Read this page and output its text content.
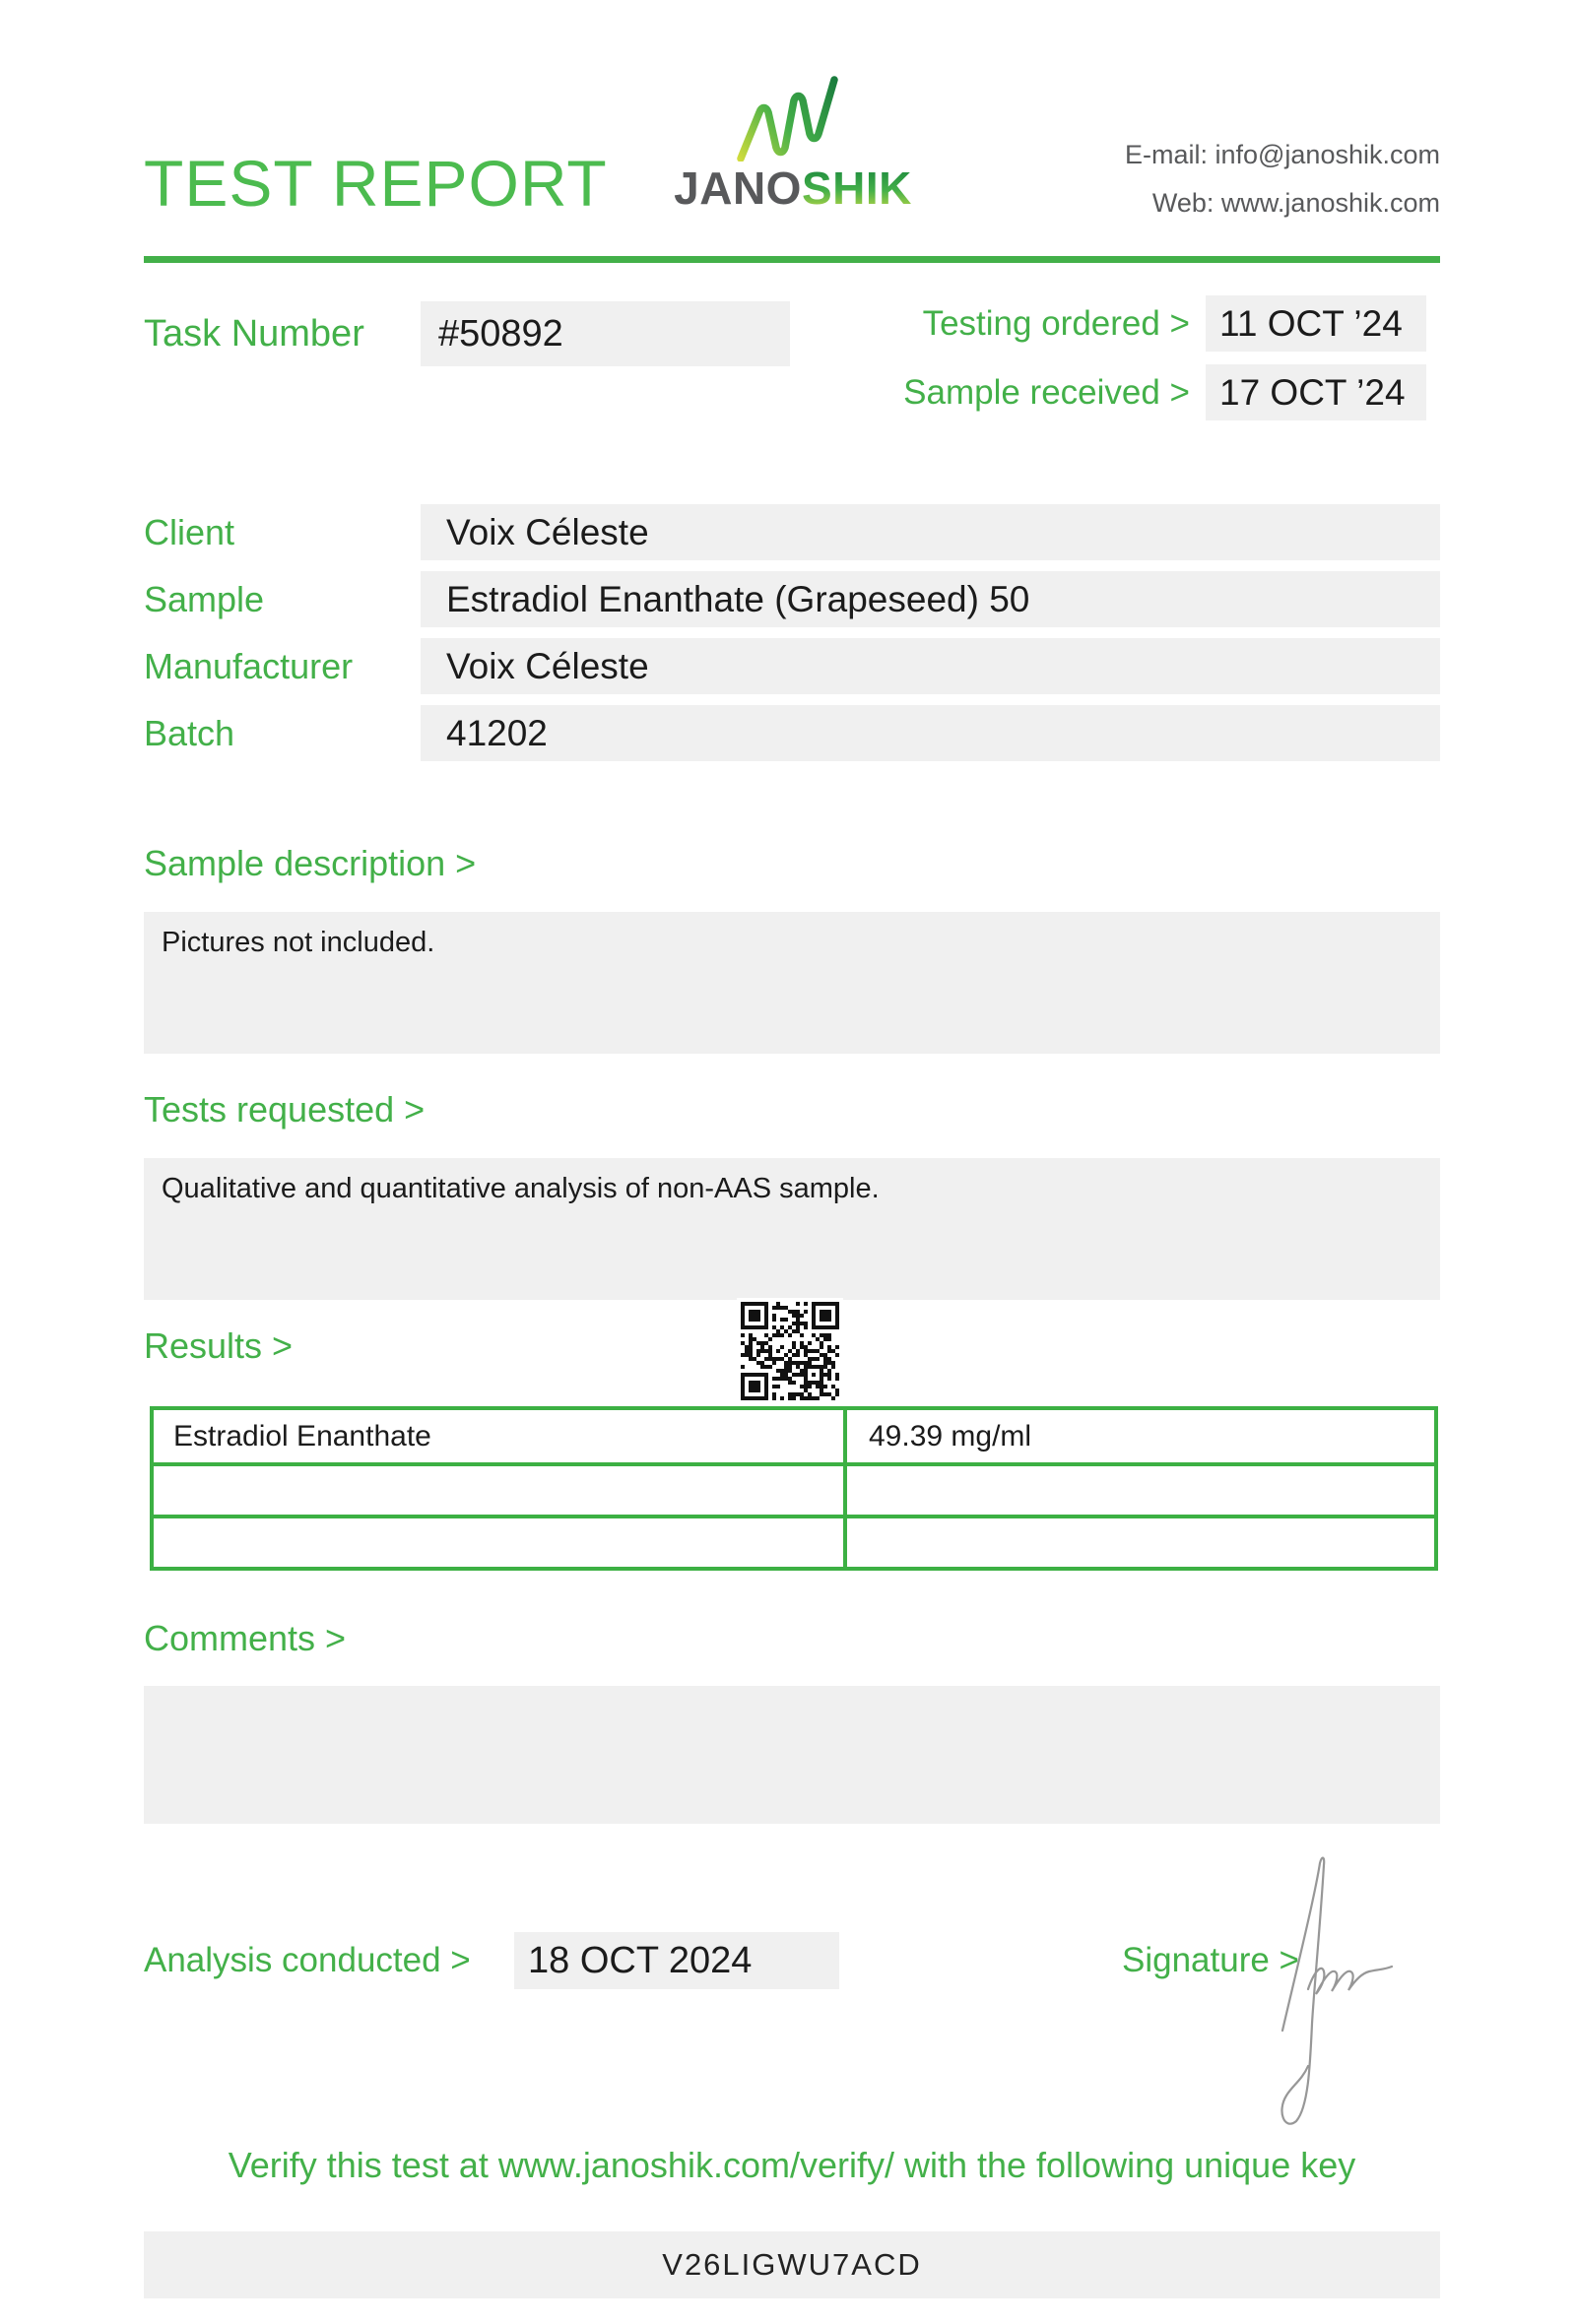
TEST REPORT JANOSHIK
E-mail: info@janoshik.com
Web: www.janoshik.com
Task Number	#50892	Testing ordered > 11 OCT ’24
Sample received > 17 OCT ’24
Client	Voix Céleste
Sample	Estradiol Enanthate (Grapeseed) 50
Manufacturer	Voix Céleste
Batch	41202
Sample description >
Pictures not included.
Tests requested >
Qualitative and quantitative analysis of non-AAS sample.
Results >
Estradiol Enanthate	49.39 mg/ml
Comments >
Analysis conducted >	18 OCT 2024	Signature >
Verify this test at www.janoshik.com/verify/ with the following unique key
V26LIGWU7ACD
